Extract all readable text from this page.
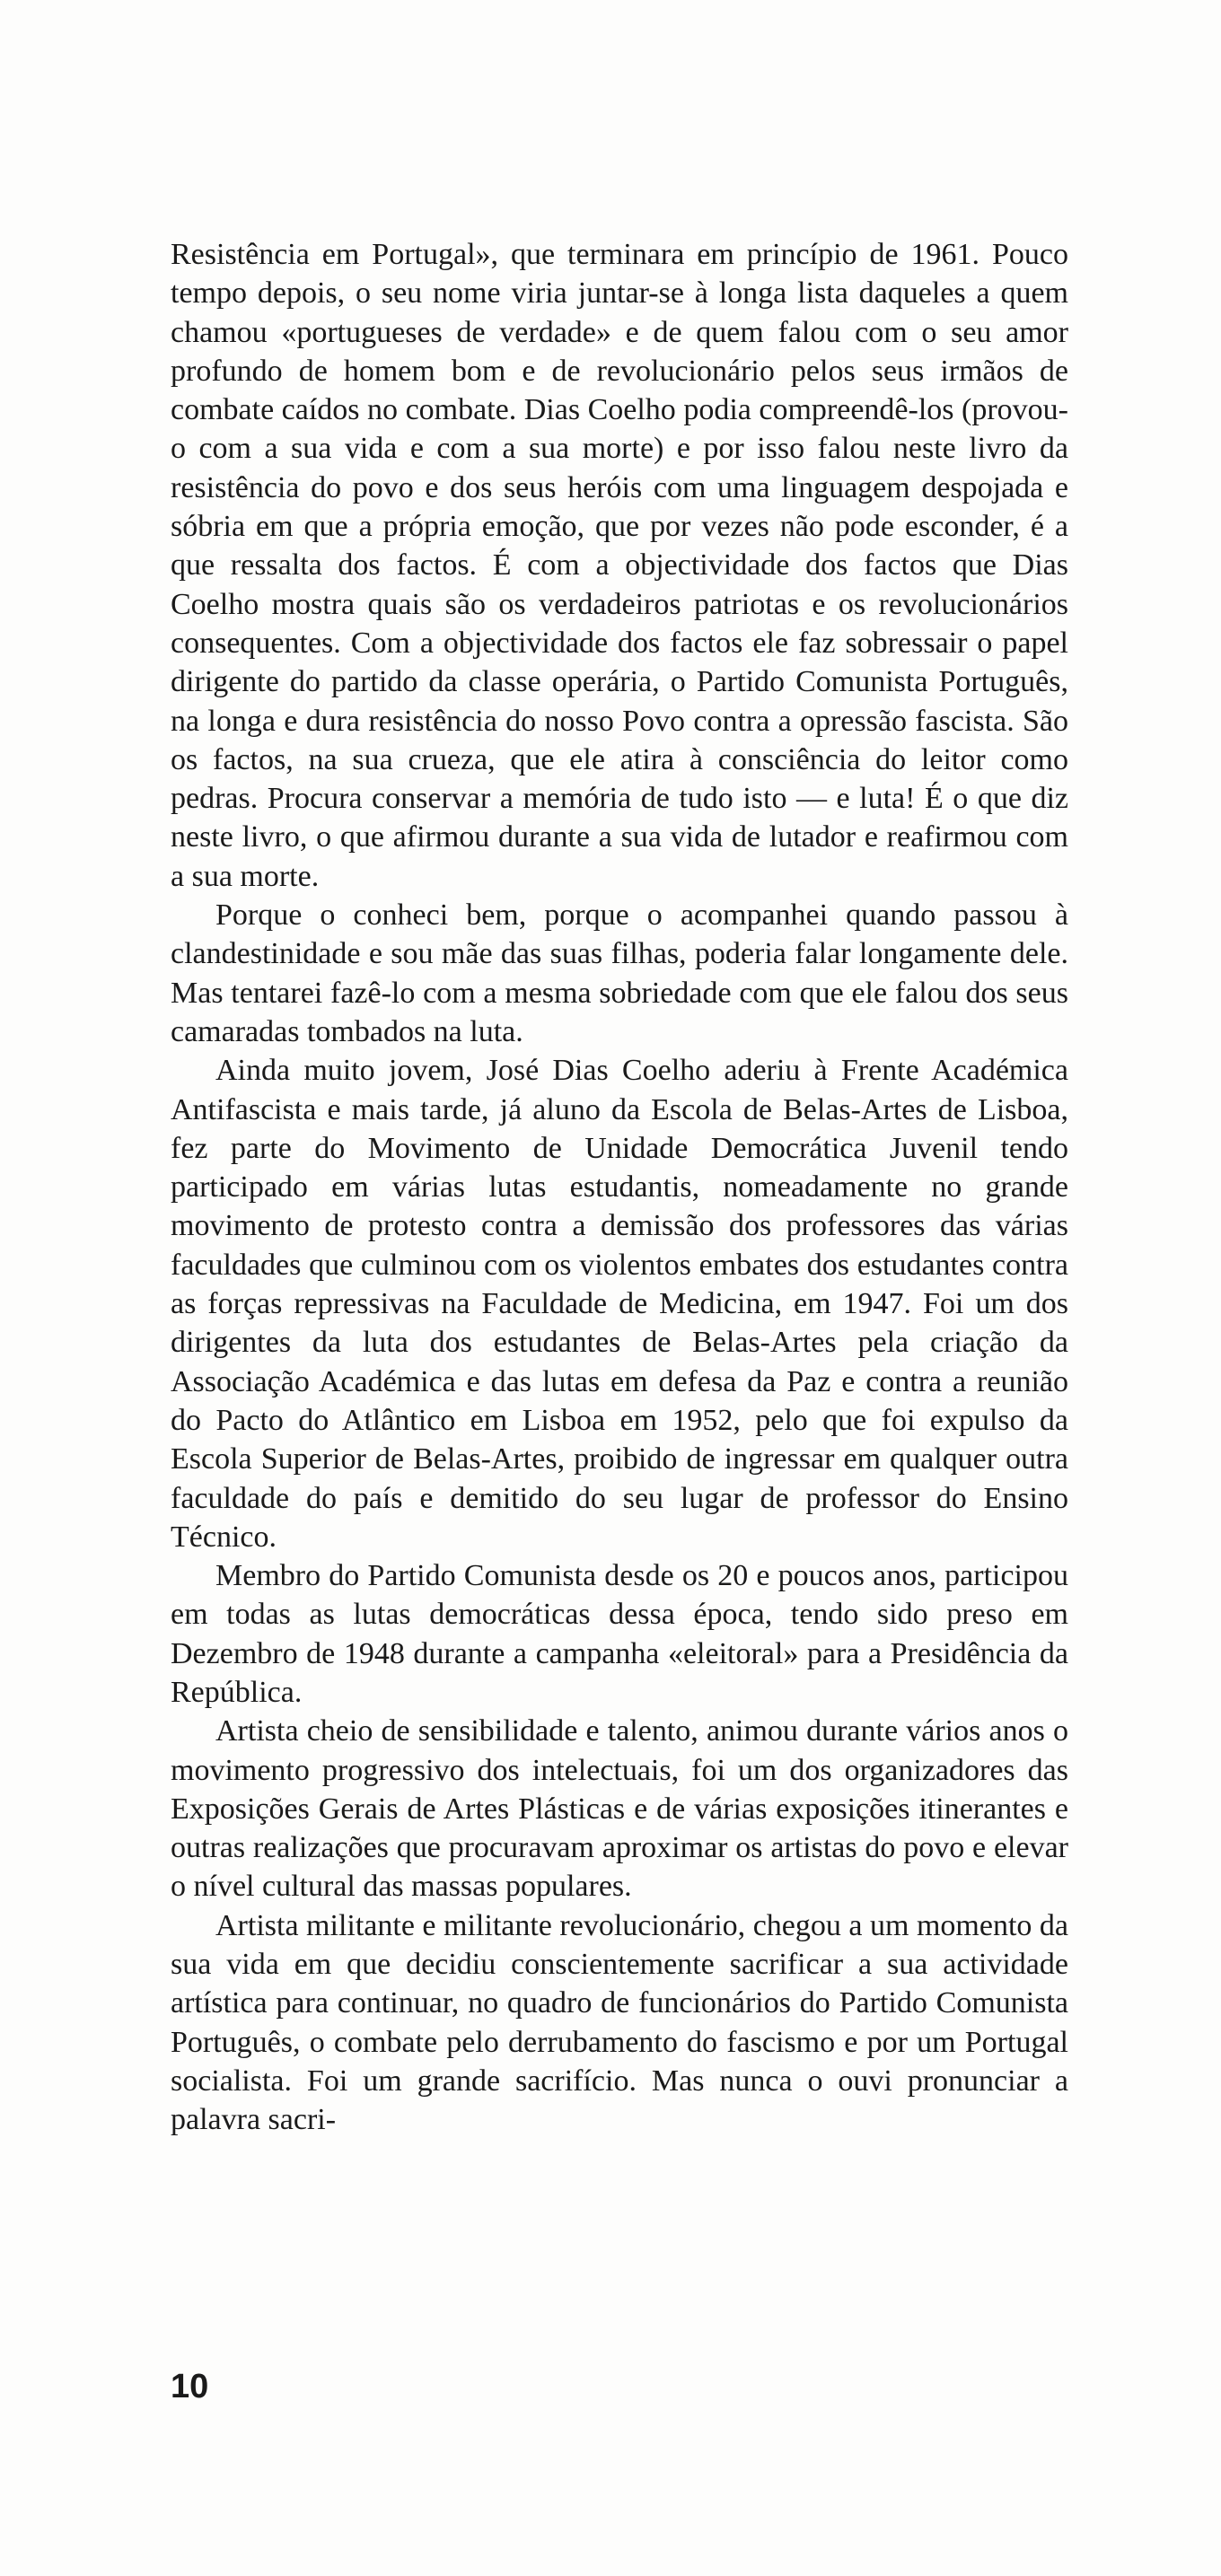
Resistência em Portugal», que terminara em princípio de 1961. Pouco tempo depois, o seu nome viria juntar-se à longa lista daqueles a quem chamou «portugueses de verdade» e de quem falou com o seu amor profundo de homem bom e de revolucionário pelos seus irmãos de combate caídos no combate. Dias Coelho podia compreendê-los (provou-o com a sua vida e com a sua morte) e por isso falou neste livro da resistência do povo e dos seus heróis com uma linguagem despojada e sóbria em que a própria emoção, que por vezes não pode esconder, é a que ressalta dos factos. É com a objectividade dos factos que Dias Coelho mostra quais são os verdadeiros patriotas e os revolucionários consequentes. Com a objectividade dos factos ele faz sobressair o papel dirigente do partido da classe operária, o Partido Comunista Português, na longa e dura resistência do nosso Povo contra a opressão fascista. São os factos, na sua crueza, que ele atira à consciência do leitor como pedras. Procura conservar a memória de tudo isto — e luta! É o que diz neste livro, o que afirmou durante a sua vida de lutador e reafirmou com a sua morte.

Porque o conheci bem, porque o acompanhei quando passou à clandestinidade e sou mãe das suas filhas, poderia falar longamente dele. Mas tentarei fazê-lo com a mesma sobriedade com que ele falou dos seus camaradas tombados na luta.

Ainda muito jovem, José Dias Coelho aderiu à Frente Académica Antifascista e mais tarde, já aluno da Escola de Belas-Artes de Lisboa, fez parte do Movimento de Unidade Democrática Juvenil tendo participado em várias lutas estudantis, nomeadamente no grande movimento de protesto contra a demissão dos professores das várias faculdades que culminou com os violentos embates dos estudantes contra as forças repressivas na Faculdade de Medicina, em 1947. Foi um dos dirigentes da luta dos estudantes de Belas-Artes pela criação da Associação Académica e das lutas em defesa da Paz e contra a reunião do Pacto do Atlântico em Lisboa em 1952, pelo que foi expulso da Escola Superior de Belas-Artes, proibido de ingressar em qualquer outra faculdade do país e demitido do seu lugar de professor do Ensino Técnico.

Membro do Partido Comunista desde os 20 e poucos anos, participou em todas as lutas democráticas dessa época, tendo sido preso em Dezembro de 1948 durante a campanha «eleitoral» para a Presidência da República.

Artista cheio de sensibilidade e talento, animou durante vários anos o movimento progressivo dos intelectuais, foi um dos organizadores das Exposições Gerais de Artes Plásticas e de várias exposições itinerantes e outras realizações que procuravam aproximar os artistas do povo e elevar o nível cultural das massas populares.

Artista militante e militante revolucionário, chegou a um momento da sua vida em que decidiu conscientemente sacrificar a sua actividade artística para continuar, no quadro de funcionários do Partido Comunista Português, o combate pelo derrubamento do fascismo e por um Portugal socialista. Foi um grande sacrifício. Mas nunca o ouvi pronunciar a palavra sacri-

10
